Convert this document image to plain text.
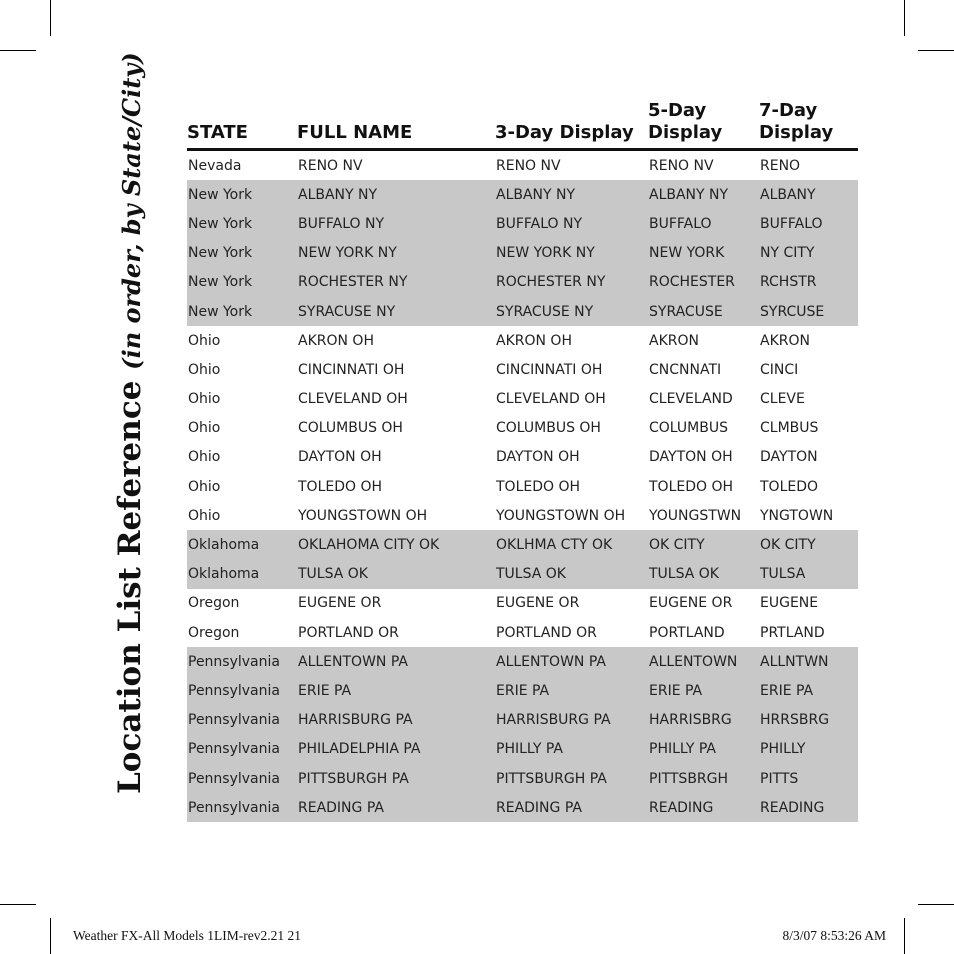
Location List Reference (in order, by State/City) STATE	FULL NAME	3-Day Display	5-Day Display	7-Day Display
Nevada	RENO NV	RENO NV	RENO NV	RENO
New York	ALBANY NY	ALBANY NY	ALBANY NY	ALBANY
New York	BUFFALO NY	BUFFALO NY	BUFFALO	BUFFALO
New York	NEW YORK NY	NEW YORK NY	NEW YORK	NY CITY
New York	ROCHESTER NY	ROCHESTER NY	ROCHESTER	RCHSTR
New York	SYRACUSE NY	SYRACUSE NY	SYRACUSE	SYRCUSE
Ohio	AKRON OH	AKRON OH	AKRON	AKRON
Ohio	CINCINNATI OH	CINCINNATI OH	CNCNNATI	CINCI
Ohio	CLEVELAND OH	CLEVELAND OH	CLEVELAND	CLEVE
Ohio	COLUMBUS OH	COLUMBUS OH	COLUMBUS	CLMBUS
Ohio	DAYTON OH	DAYTON OH	DAYTON OH	DAYTON
Ohio	TOLEDO OH	TOLEDO OH	TOLEDO OH	TOLEDO
Ohio	YOUNGSTOWN OH	YOUNGSTOWN OH	YOUNGSTWN	YNGTOWN
Oklahoma	OKLAHOMA CITY OK	OKLHMA CTY OK	OK CITY	OK CITY
Oklahoma	TULSA OK	TULSA OK	TULSA OK	TULSA
Oregon	EUGENE OR	EUGENE OR	EUGENE OR	EUGENE
Oregon	PORTLAND OR	PORTLAND OR	PORTLAND	PRTLAND
Pennsylvania	ALLENTOWN PA	ALLENTOWN PA	ALLENTOWN	ALLNTWN
Pennsylvania	ERIE PA	ERIE PA	ERIE PA	ERIE PA
Pennsylvania	HARRISBURG PA	HARRISBURG PA	HARRISBRG	HRRSBRG
Pennsylvania	PHILADELPHIA PA	PHILLY PA	PHILLY PA	PHILLY
Pennsylvania	PITTSBURGH PA	PITTSBURGH PA	PITTSBRGH	PITTS
Pennsylvania	READING PA	READING PA	READING	READING
Weather FX-All Models 1LIM-rev2.21 21	8/3/07 8:53:26 AM
